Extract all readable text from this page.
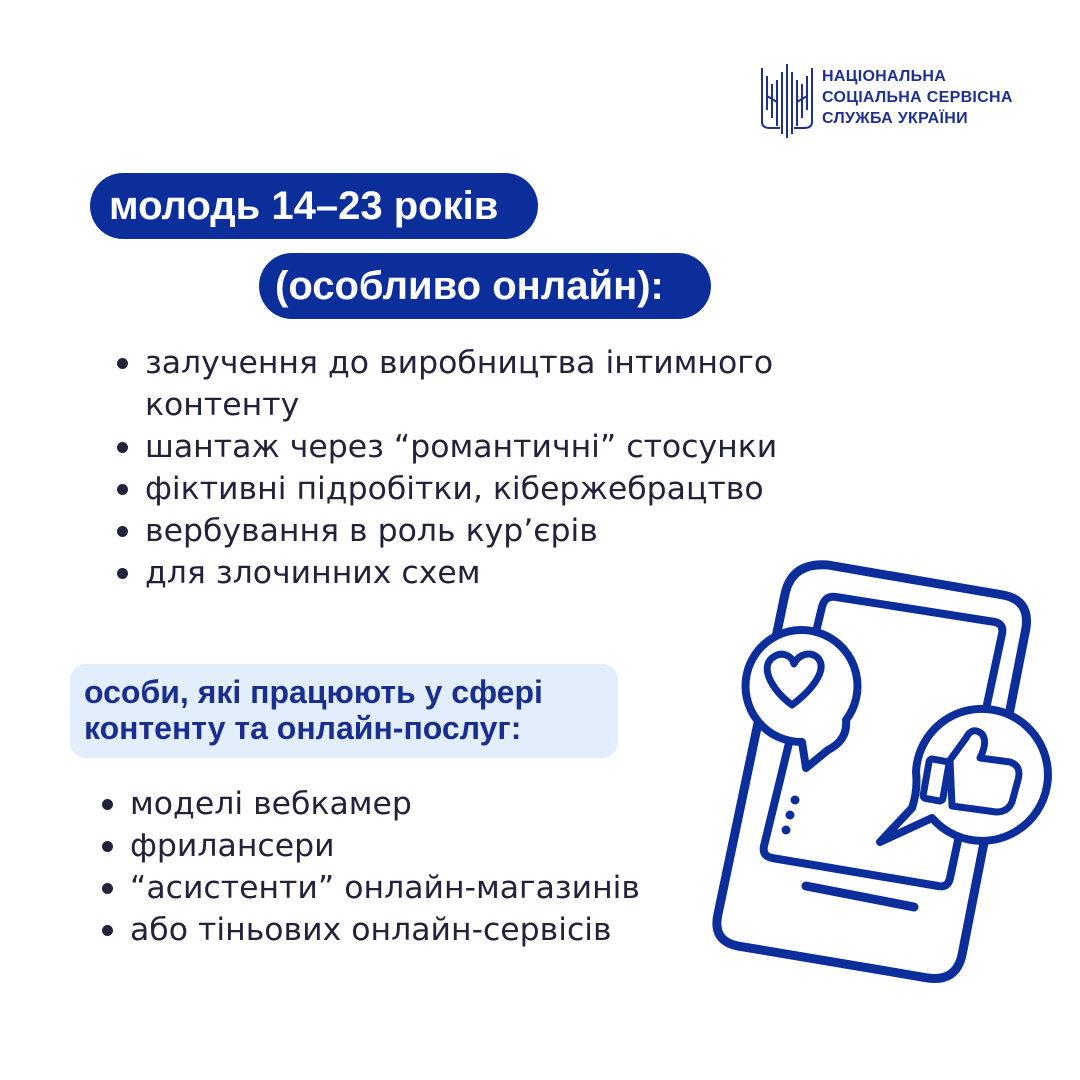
НАЦІОНАЛЬНА
СОЦІАЛЬНА СЕРВІСНА
СЛУЖБА УКРАЇНИ
молодь 14–23 років
(особливо онлайн):
залучення до виробництва інтимного контенту
шантаж через “романтичні” стосунки
фіктивні підробітки, кібержебрацтво
вербування в роль кур’єрів
для злочинних схем
особи, які працюють у сфері
контенту та онлайн-послуг:
моделі вебкамер
фрилансери
“асистенти” онлайн-магазинів
або тіньових онлайн-сервісів
